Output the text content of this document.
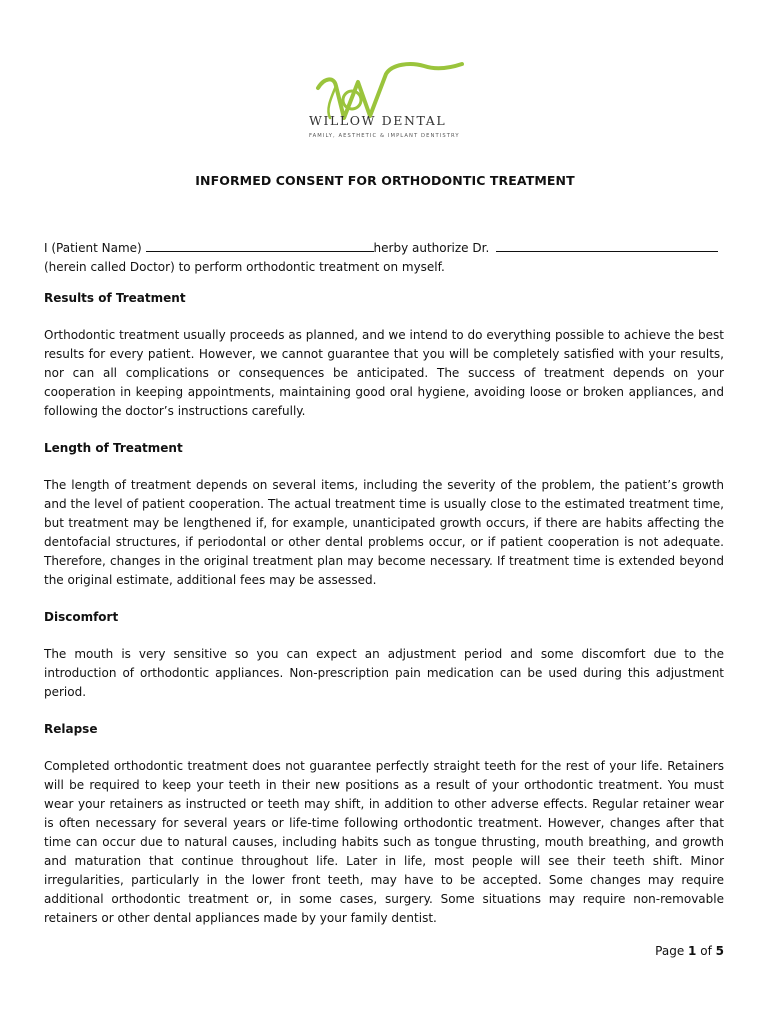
WILLOW DENTAL
FAMILY, AESTHETIC & IMPLANT DENTISTRY
INFORMED CONSENT FOR ORTHODONTIC TREATMENT
I (Patient Name)	herby authorize Dr.
(herein called Doctor) to perform orthodontic treatment on myself.
Results of Treatment

Orthodontic treatment usually proceeds as planned, and we intend to do everything possible to achieve the best results for every patient. However, we cannot guarantee that you will be completely satisfied with your results, nor can all complications or consequences be anticipated. The success of treatment depends on your cooperation in keeping appointments, maintaining good oral hygiene, avoiding loose or broken appliances, and following the doctor’s instructions carefully.

Length of Treatment

The length of treatment depends on several items, including the severity of the problem, the patient’s growth and the level of patient cooperation. The actual treatment time is usually close to the estimated treatment time, but treatment may be lengthened if, for example, unanticipated growth occurs, if there are habits affecting the dentofacial structures, if periodontal or other dental problems occur, or if patient cooperation is not adequate. Therefore, changes in the original treatment plan may become necessary. If treatment time is extended beyond the original estimate, additional fees may be assessed.

Discomfort

The mouth is very sensitive so you can expect an adjustment period and some discomfort due to the introduction of orthodontic appliances. Non-prescription pain medication can be used during this adjustment period.

Relapse

Completed orthodontic treatment does not guarantee perfectly straight teeth for the rest of your life. Retainers will be required to keep your teeth in their new positions as a result of your orthodontic treatment. You must wear your retainers as instructed or teeth may shift, in addition to other adverse effects. Regular retainer wear is often necessary for several years or life-time following orthodontic treatment. However, changes after that time can occur due to natural causes, including habits such as tongue thrusting, mouth breathing, and growth and maturation that continue throughout life. Later in life, most people will see their teeth shift. Minor irregularities, particularly in the lower front teeth, may have to be accepted. Some changes may require additional orthodontic treatment or, in some cases, surgery. Some situations may require non-removable retainers or other dental appliances made by your family dentist.

Page 1 of 5
